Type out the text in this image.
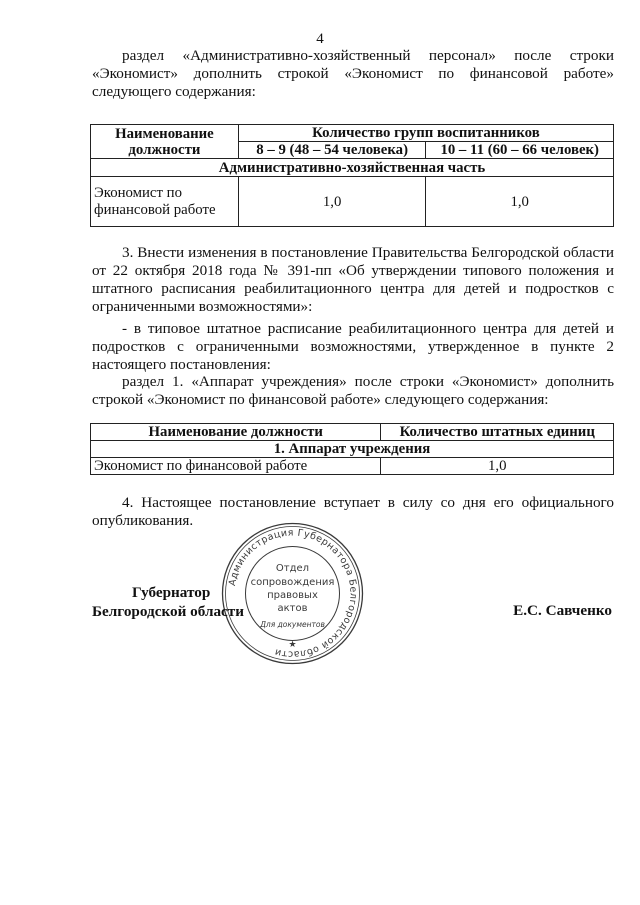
4
раздел «Административно-хозяйственный персонал» после строки «Экономист» дополнить строкой «Экономист по финансовой работе» следующего содержания:
Наименование должности	Количество групп воспитанников	
	8 – 9 (48 – 54 человека)	10 – 11 (60 – 66 человек)
Административно-хозяйственная часть		
Экономист по финансовой работе	1,0	1,0
3. Внести изменения в постановление Правительства Белгородской области от 22 октября 2018 года № 391-пп «Об утверждении типового положения и штатного расписания реабилитационного центра для детей и подростков с ограниченными возможностями»:
- в типовое штатное расписание реабилитационного центра для детей и подростков с ограниченными возможностями, утвержденное в пункте 2 настоящего постановления:
раздел 1. «Аппарат учреждения» после строки «Экономист» дополнить строкой «Экономист по финансовой работе» следующего содержания:
Наименование должности	Количество штатных единиц
1. Аппарат учреждения	
Экономист по финансовой работе	1,0
4. Настоящее постановление вступает в силу со дня его официального опубликования.
Администрация Губернатора Белгородской области
Отдел
сопровождения
правовых
актов
Для документов
★
Губернатор
Белгородской области	Е.С. Савченко
